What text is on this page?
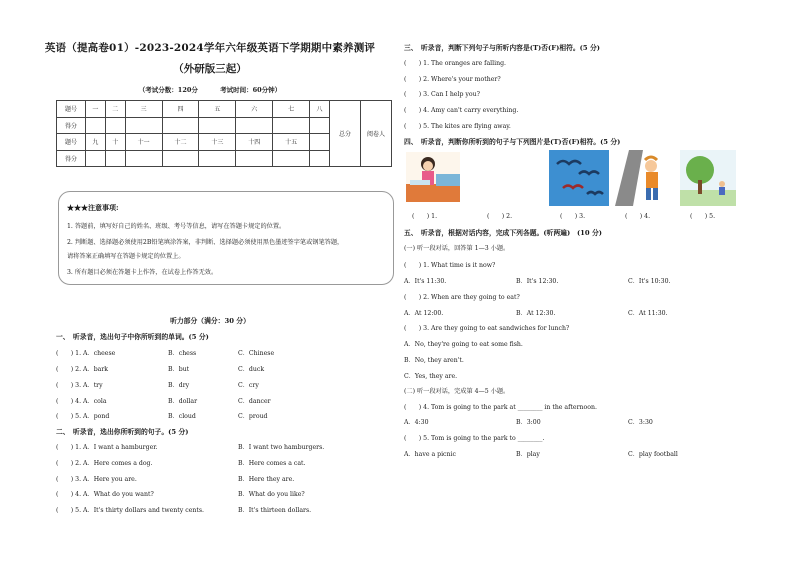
英语（提高卷01）-2023-2024学年六年级英语下学期期中素养测评
（外研版三起）
（考试分数：120分	考试时间：60分钟）
题号	一	二	三	四	五	六	七	八	总分	阅卷人
得分										
题号	九	十	十一	十二	十三	十四	十五			
得分										
★★★注意事项:
1. 答题前，填写好自己的姓名、班级、考号等信息，请写在答题卡规定的位置。
2. 判断题、选择题必须使用2B铅笔填涂答案，非判断、选择题必须使用黑色墨迹签字笔或钢笔答题，
请将答案正确填写在答题卡规定的位置上。
3. 所有题目必须在答题卡上作答，在试卷上作答无效。
听力部分（满分：30 分）
一、　听录音，选出句子中你所听到的单词。(5 分)
(　　) 1. A．cheese	B．chess	C．Chinese
(　　) 2. A．bark	B．but	C．duck
(　　) 3. A．try	B．dry	C．cry
(　　) 4. A．cola	B．dollar	C．dancer
(　　) 5. A．pond	B．cloud	C．proud
二、　听录音，选出你所听到的句子。(5 分)
(　　) 1. A．I want a hamburger.	B．I want two hamburgers.
(　　) 2. A．Here comes a dog.	B．Here comes a cat.
(　　) 3. A．Here you are.	B．Here they are.
(　　) 4. A．What do you want?	B．What do you like?
(　　) 5. A．It's thirty dollars and twenty cents.	B．It's thirteen dollars.
三、　听录音，判断下列句子与所听内容是(T)否(F)相符。(5 分)
(　　) 1. The oranges are falling.
(　　) 2. Where's your mother?
(　　) 3. Can I help you?
(　　) 4. Amy can't carry everything.
(　　) 5. The kites are flying away.
四、　听录音，判断你所听到的句子与下列图片是(T)否(F)相符。(5 分)
(　　) 1.	(　　) 2.	(　　) 3.	(　　) 4.	(　　) 5.
五、　听录音，根据对话内容，完成下列各题。(听两遍)　(10 分)
(一) 听一段对话，回答第 1—3 小题。
(　　) 1. What time is it now?
A．It's 11:30.	B．It's 12:30.	C．It's 10:30.
(　　) 2. When are they going to eat?
A．At 12:00.	B．At 12:30.	C．At 11:30.
(　　) 3. Are they going to eat sandwiches for lunch?
A．No, they're going to eat some fish.
B．No, they aren't.
C．Yes, they are.
(二) 听一段对话，完成第 4—5 小题。
(　　) 4. Tom is going to the park at ________ in the afternoon.
A．4:30	B．3:00	C．3:30
(　　) 5. Tom is going to the park to ________.
A．have a picnic	B．play	C．play football
